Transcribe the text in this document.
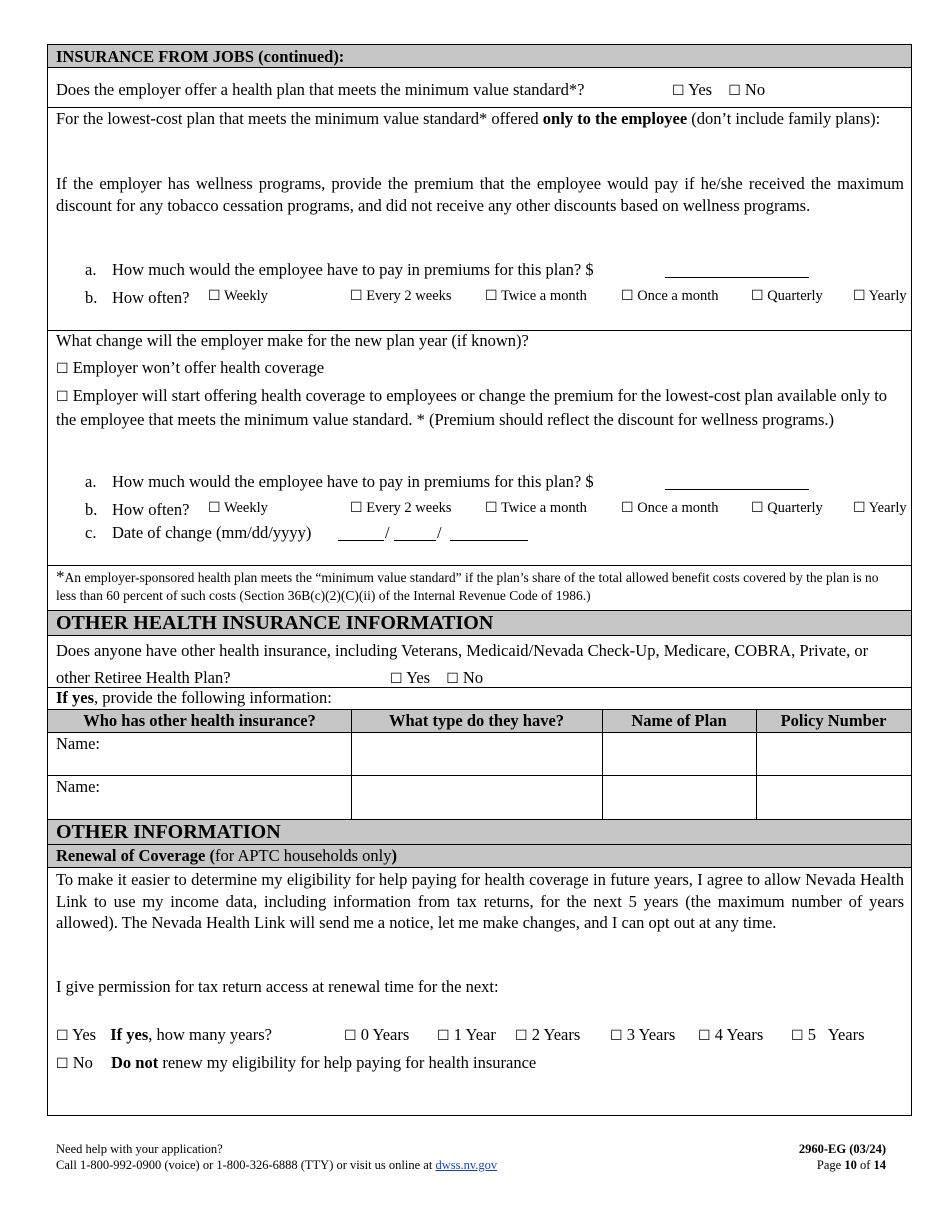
INSURANCE FROM JOBS (continued):
Does the employer offer a health plan that meets the minimum value standard*?	☐ Yes ☐ No
For the lowest-cost plan that meets the minimum value standard* offered only to the employee (don’t include family plans):
If the employer has wellness programs, provide the premium that the employee would pay if he/she received the maximum discount for any tobacco cessation programs, and did not receive any other discounts based on wellness programs.
a. How much would the employee have to pay in premiums for this plan? $
b. How often? ☐ Weekly	☐ Every 2 weeks ☐ Twice a month ☐ Once a month ☐ Quarterly ☐ Yearly
What change will the employer make for the new plan year (if known)?
☐ Employer won’t offer health coverage
☐ Employer will start offering health coverage to employees or change the premium for the lowest-cost plan available only to the employee that meets the minimum value standard. * (Premium should reflect the discount for wellness programs.)
a. How much would the employee have to pay in premiums for this plan? $
b. How often? ☐ Weekly	☐ Every 2 weeks ☐ Twice a month ☐ Once a month ☐ Quarterly ☐ Yearly
c. Date of change (mm/dd/yyyy)	/	/
*An employer-sponsored health plan meets the “minimum value standard” if the plan’s share of the total allowed benefit costs covered by the plan is no less than 60 percent of such costs (Section 36B(c)(2)(C)(ii) of the Internal Revenue Code of 1986.)
OTHER HEALTH INSURANCE INFORMATION
Does anyone have other health insurance, including Veterans, Medicaid/Nevada Check-Up, Medicare, COBRA, Private, or other Retiree Health Plan?	☐ Yes ☐ No
If yes, provide the following information:
Who has other health insurance?	What type do they have?	Name of Plan	Policy Number
Name:
Name:
OTHER INFORMATION
Renewal of Coverage (for APTC households only)
To make it easier to determine my eligibility for help paying for health coverage in future years, I agree to allow Nevada Health Link to use my income data, including information from tax returns, for the next 5 years (the maximum number of years allowed). The Nevada Health Link will send me a notice, let me make changes, and I can opt out at any time.
I give permission for tax return access at renewal time for the next:
☐ Yes If yes, how many years?	☐ 0 Years ☐ 1 Year ☐ 2 Years ☐ 3 Years ☐ 4 Years ☐ 5   Years
☐ No Do not renew my eligibility for help paying for health insurance
Need help with your application?
Call 1-800-992-0900 (voice) or 1-800-326-6888 (TTY) or visit us online at dwss.nv.gov
2960-EG (03/24)
Page 10 of 14
